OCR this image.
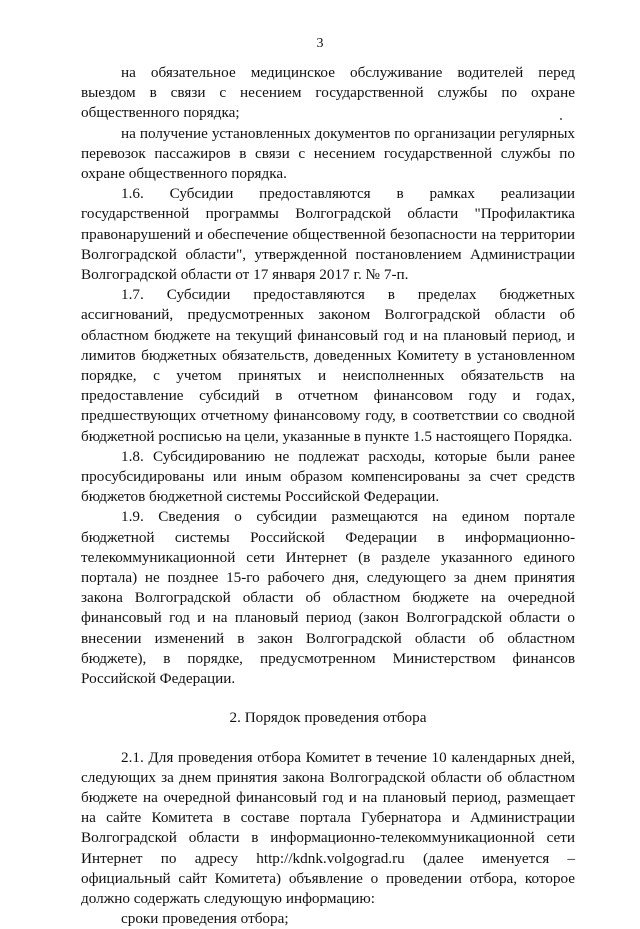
3

на обязательное медицинское обслуживание водителей перед выездом в связи с несением государственной службы по охране общественного порядка;

на получение установленных документов по организации регулярных перевозок пассажиров в связи с несением государственной службы по охране общественного порядка.

1.6. Субсидии предоставляются в рамках реализации государственной программы Волгоградской области "Профилактика правонарушений и обеспечение общественной безопасности на территории Волгоградской области", утвержденной постановлением Администрации Волгоградской области от 17 января 2017 г. № 7-п.

1.7. Субсидии предоставляются в пределах бюджетных ассигнований, предусмотренных законом Волгоградской области об областном бюджете на текущий финансовый год и на плановый период, и лимитов бюджетных обязательств, доведенных Комитету в установленном порядке, с учетом принятых и неисполненных обязательств на предоставление субсидий в отчетном финансовом году и годах, предшествующих отчетному финансовому году, в соответствии со сводной бюджетной росписью на цели, указанные в пункте 1.5 настоящего Порядка.

1.8. Субсидированию не подлежат расходы, которые были ранее просубсидированы или иным образом компенсированы за счет средств бюджетов бюджетной системы Российской Федерации.

1.9. Сведения о субсидии размещаются на едином портале бюджетной системы Российской Федерации в информационно-телекоммуникационной сети Интернет (в разделе указанного единого портала) не позднее 15-го рабочего дня, следующего за днем принятия закона Волгоградской области об областном бюджете на очередной финансовый год и на плановый период (закон Волгоградской области о внесении изменений в закон Волгоградской области об областном бюджете), в порядке, предусмотренном Министерством финансов Российской Федерации.

2. Порядок проведения отбора

2.1. Для проведения отбора Комитет в течение 10 календарных дней, следующих за днем принятия закона Волгоградской области об областном бюджете на очередной финансовый год и на плановый период, размещает на сайте Комитета в составе портала Губернатора и Администрации Волгоградской области в информационно-телекоммуникационной сети Интернет по адресу http://kdnk.volgograd.ru (далее именуется – официальный сайт Комитета) объявление о проведении отбора, которое должно содержать следующую информацию:

сроки проведения отбора;
